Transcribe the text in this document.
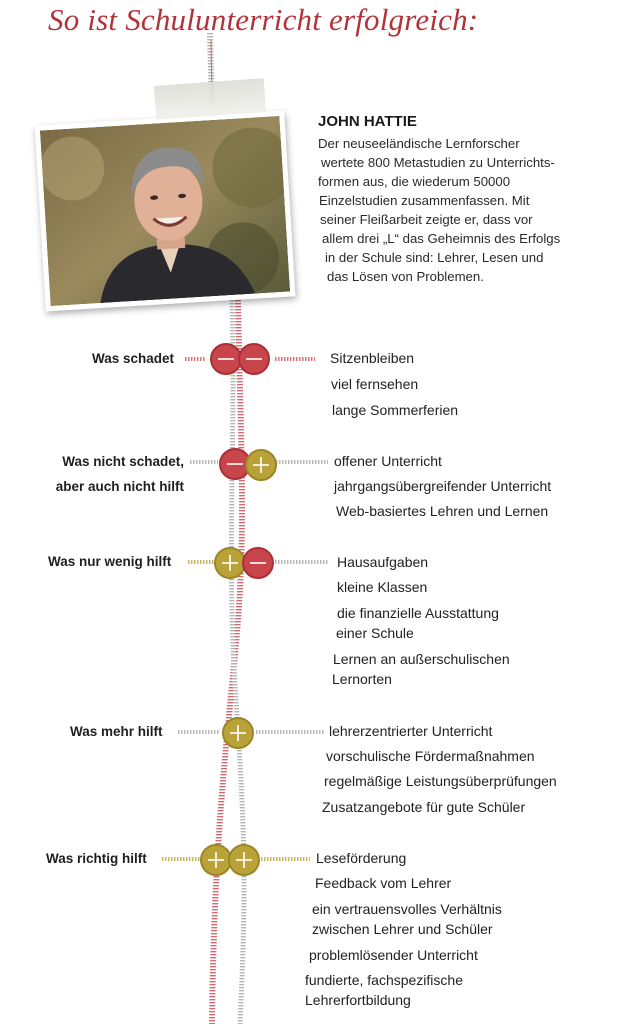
So ist Schulunterricht erfolgreich:
JOHN HATTIE
Der neuseeländische Lernforscher
wertete 800 Metastudien zu Unterrichts-
formen aus, die wiederum 50000
Einzelstudien zusammenfassen. Mit
seiner Fleißarbeit zeigte er, dass vor
allem drei „L“ das Geheimnis des Erfolgs
in der Schule sind: Lehrer, Lesen und
das Lösen von Problemen.
Was schadet	Sitzenbleiben
viel fernsehen
lange Sommerferien
Was nicht schadet,
aber auch nicht hilft
offener Unterricht
jahrgangsübergreifender Unterricht
Web-basiertes Lehren und Lernen
Was nur wenig hilft	Hausaufgaben
kleine Klassen
die finanzielle Ausstattung
einer Schule
Lernen an außerschulischen
Lernorten
Was mehr hilft	lehrerzentrierter Unterricht
vorschulische Fördermaßnahmen
regelmäßige Leistungsüberprüfungen
Zusatzangebote für gute Schüler
Was richtig hilft	Leseförderung
Feedback vom Lehrer
ein vertrauensvolles Verhältnis
zwischen Lehrer und Schüler
problemlösender Unterricht
fundierte, fachspezifische
Lehrerfortbildung
